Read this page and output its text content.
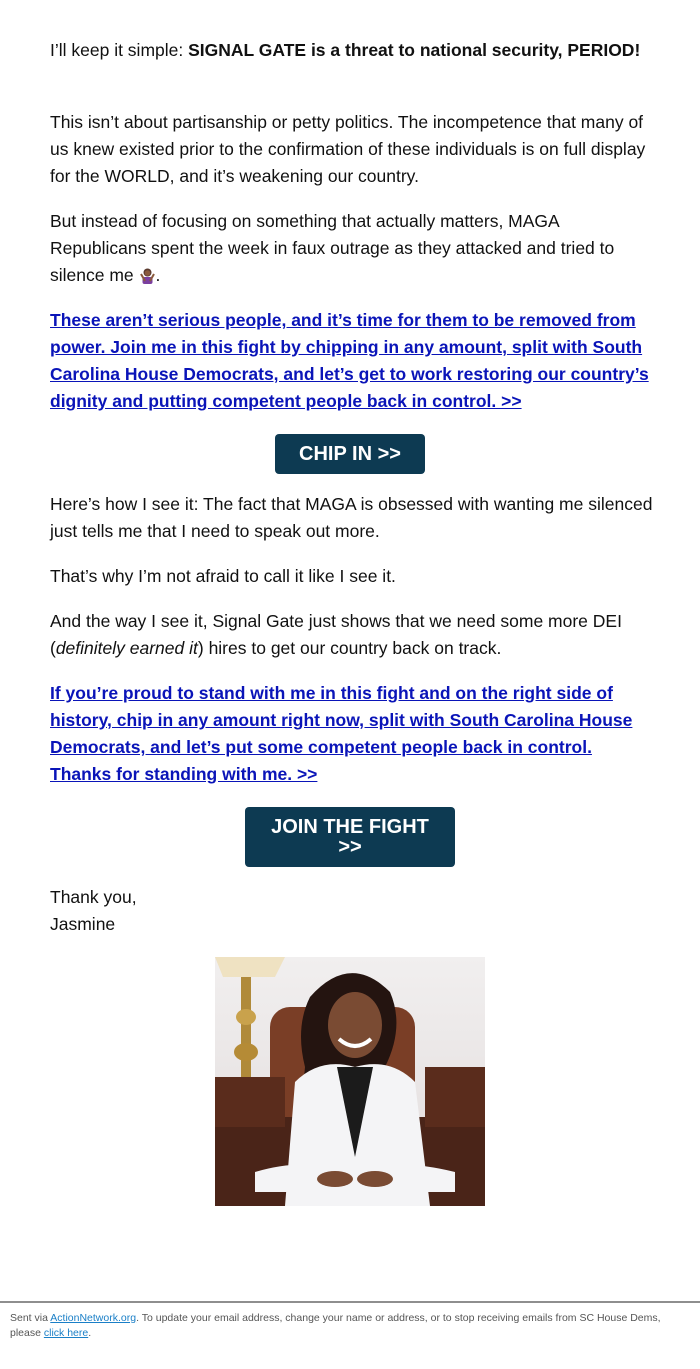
I’ll keep it simple: SIGNAL GATE is a threat to national security, PERIOD!

This isn’t about partisanship or petty politics. The incompetence that many of us knew existed prior to the confirmation of these individuals is on full display for the WORLD, and it’s weakening our country.

But instead of focusing on something that actually matters, MAGA Republicans spent the week in faux outrage as they attacked and tried to silence me .

These aren’t serious people, and it’s time for them to be removed from power. Join me in this fight by chipping in any amount, split with South Carolina House Democrats, and let’s get to work restoring our country’s dignity and putting competent people back in control. >>

Here’s how I see it: The fact that MAGA is obsessed with wanting me silenced just tells me that I need to speak out more.

That’s why I’m not afraid to call it like I see it.

And the way I see it, Signal Gate just shows that we need some more DEI (definitely earned it) hires to get our country back on track.

If you’re proud to stand with me in this fight and on the right side of history, chip in any amount right now, split with South Carolina House Democrats, and let’s put some competent people back in control. Thanks for standing with me. >>

Thank you,
Jasmine

CHIP IN >>
JOIN THE FIGHT
>>
Sent via ActionNetwork.org. To update your email address, change your name or address, or to stop receiving emails from SC House Dems, please click here.
